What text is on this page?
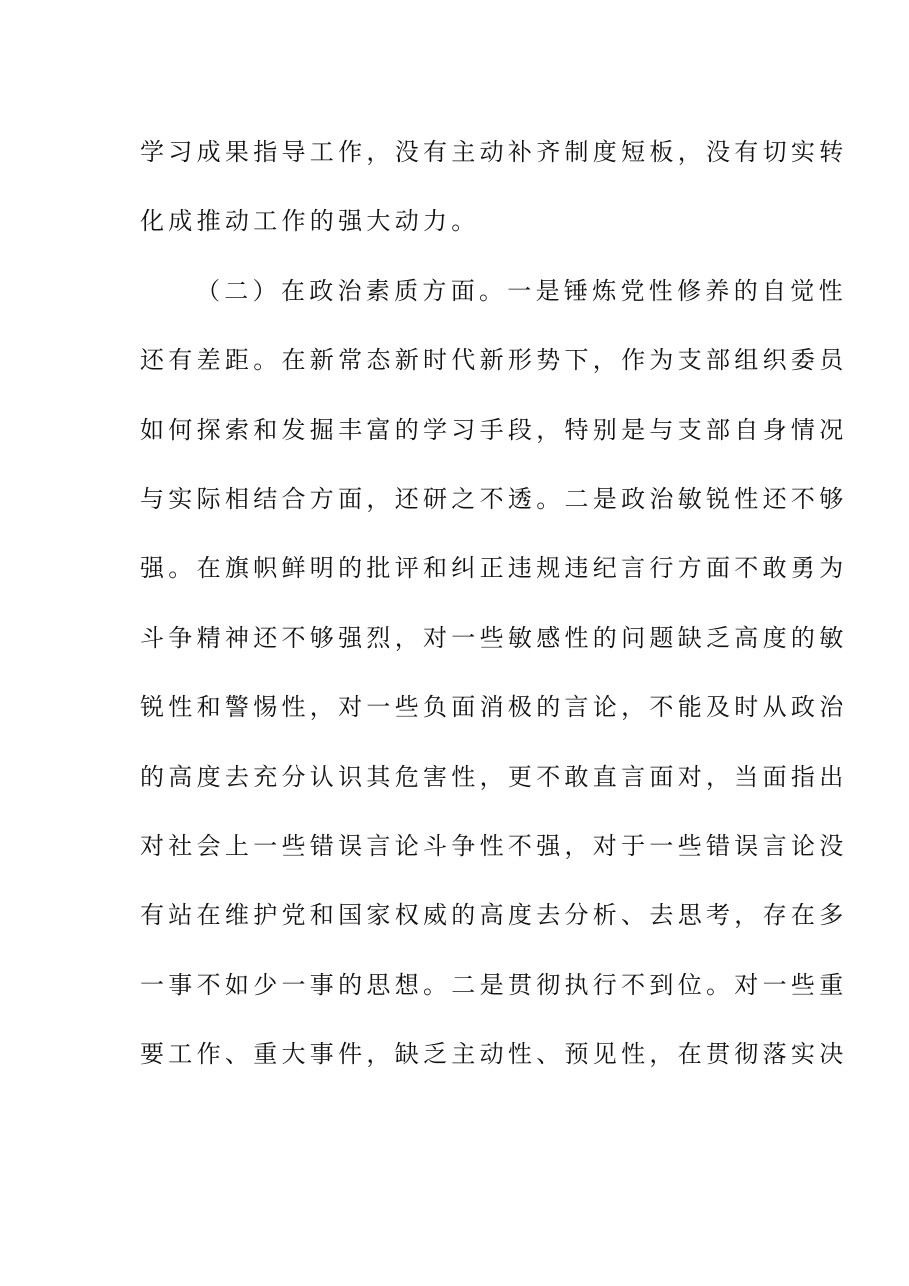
学习成果指导工作，没有主动补齐制度短板，没有切实转
化成推动工作的强大动力。
（二）在政治素质方面。一是锤炼党性修养的自觉性
还有差距。在新常态新时代新形势下，作为支部组织委员
如何探索和发掘丰富的学习手段，特别是与支部自身情况
与实际相结合方面，还研之不透。二是政治敏锐性还不够
强。在旗帜鲜明的批评和纠正违规违纪言行方面不敢勇为
斗争精神还不够强烈，对一些敏感性的问题缺乏高度的敏
锐性和警惕性，对一些负面消极的言论，不能及时从政治
的高度去充分认识其危害性，更不敢直言面对，当面指出
对社会上一些错误言论斗争性不强，对于一些错误言论没
有站在维护党和国家权威的高度去分析、去思考，存在多
一事不如少一事的思想。二是贯彻执行不到位。对一些重
要工作、重大事件，缺乏主动性、预见性，在贯彻落实决
